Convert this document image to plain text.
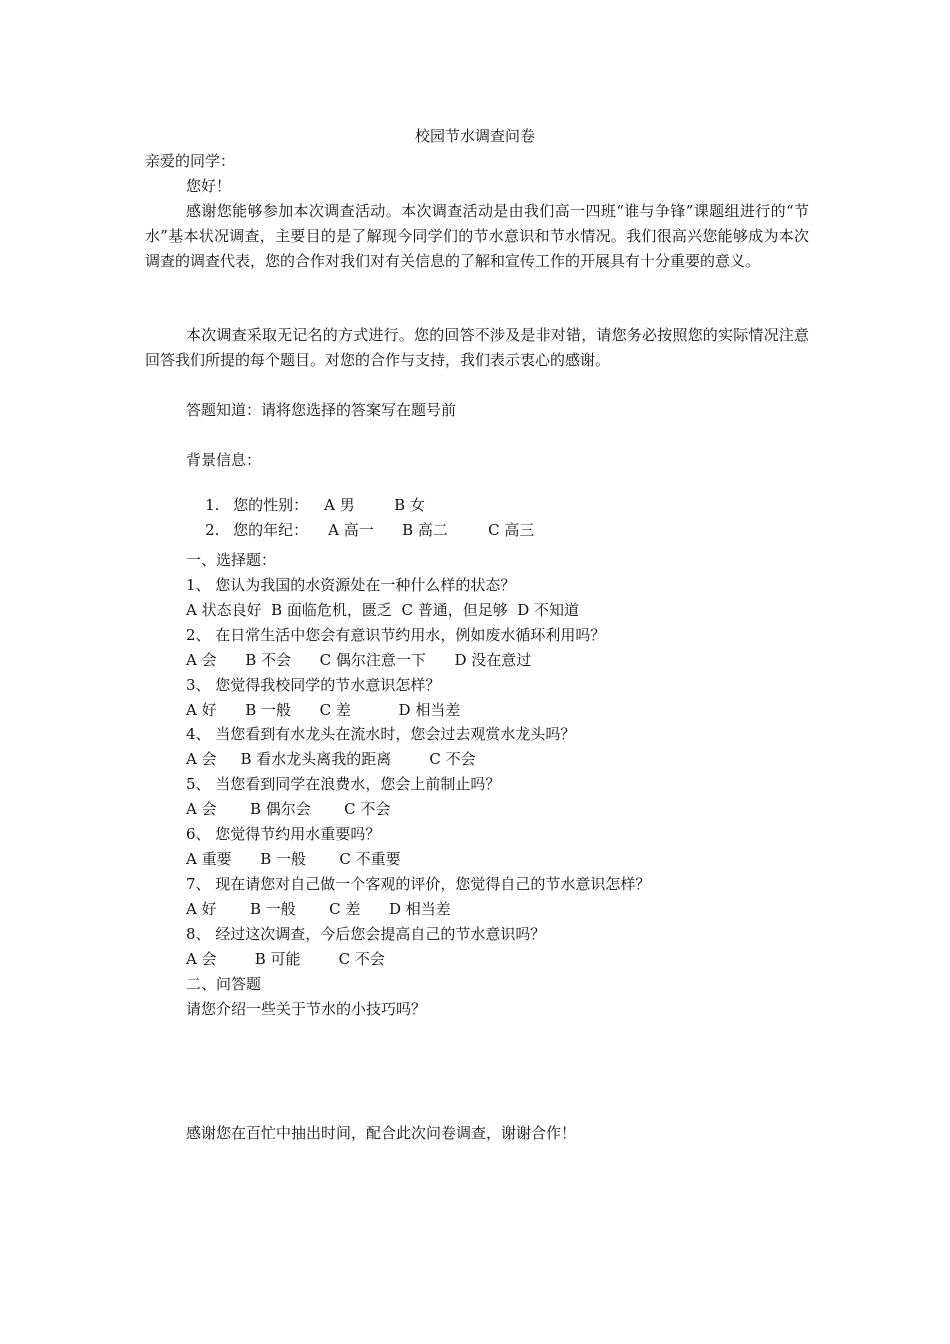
校园节水调查问卷

亲爱的同学：

您好！

感谢您能够参加本次调查活动。本次调查活动是由我们高一四班“谁与争锋”课题组进行的“节水”基本状况调查，主要目的是了解现今同学们的节水意识和节水情况。我们很高兴您能够成为本次调查的调查代表，您的合作对我们对有关信息的了解和宣传工作的开展具有十分重要的意义。

本次调查采取无记名的方式进行。您的回答不涉及是非对错，请您务必按照您的实际情况注意回答我们所提的每个题目。对您的合作与支持，我们表示衷心的感谢。

答题知道：请将您选择的答案写在题号前

背景信息：

1. 您的性别： A 男	B 女

2. 您的年纪： A 高一 B 高二	C 高三

一、选择题：

1、 您认为我国的水资源处在一种什么样的状态？

A 状态良好  B 面临危机，匮乏  C 普通，但足够  D 不知道

2、 在日常生活中您会有意识节约用水，例如废水循环利用吗？

A 会      B 不会      C 偶尔注意一下      D 没在意过

3、 您觉得我校同学的节水意识怎样？

A 好      B 一般      C 差          D 相当差

4、 当您看到有水龙头在流水时，您会过去观赏水龙头吗？

A 会     B 看水龙头离我的距离        C 不会

5、 当您看到同学在浪费水，您会上前制止吗？

A 会       B 偶尔会       C 不会

6、 您觉得节约用水重要吗？

A 重要      B 一般       C 不重要

7、 现在请您对自己做一个客观的评价，您觉得自己的节水意识怎样？

A 好       B 一般       C 差      D 相当差

8、 经过这次调查，今后您会提高自己的节水意识吗？

A 会        B 可能        C 不会

二、问答题

请您介绍一些关于节水的小技巧吗？

感谢您在百忙中抽出时间，配合此次问卷调查，谢谢合作！
